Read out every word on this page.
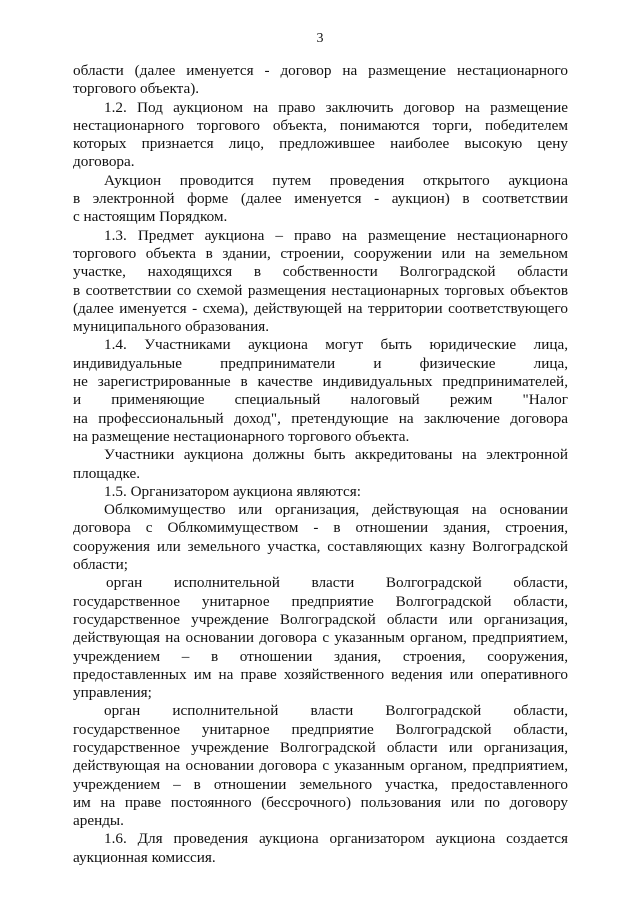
3
области (далее именуется - договор на размещение нестационарного
торгового объекта).
1.2. Под аукционом на право заключить договор на размещение
нестационарного торгового объекта, понимаются торги, победителем
которых признается лицо, предложившее наиболее высокую цену
договора.
Аукцион проводится путем проведения открытого аукциона
в электронной форме (далее именуется - аукцион) в соответствии
с настоящим Порядком.
1.3. Предмет аукциона – право на размещение нестационарного
торгового объекта в здании, строении, сооружении или на земельном
участке, находящихся в собственности Волгоградской области
в соответствии со схемой размещения нестационарных торговых объектов
(далее именуется - схема), действующей на территории соответствующего
муниципального образования.
1.4. Участниками аукциона могут быть юридические лица,
индивидуальные предприниматели и физические лица,
не зарегистрированные в качестве индивидуальных предпринимателей,
и применяющие специальный налоговый режим "Налог
на профессиональный доход", претендующие на заключение договора
на размещение нестационарного торгового объекта.
Участники аукциона должны быть аккредитованы на электронной
площадке.
1.5. Организатором аукциона являются:
Облкомимущество или организация, действующая на основании
договора с Облкомимуществом - в отношении здания, строения,
сооружения или земельного участка, составляющих казну Волгоградской
области;
орган исполнительной власти Волгоградской области,
государственное унитарное предприятие Волгоградской области,
государственное учреждение Волгоградской области или организация,
действующая на основании договора с указанным органом, предприятием,
учреждением – в отношении здания, строения, сооружения,
предоставленных им на праве хозяйственного ведения или оперативного
управления;
орган исполнительной власти Волгоградской области,
государственное унитарное предприятие Волгоградской области,
государственное учреждение Волгоградской области или организация,
действующая на основании договора с указанным органом, предприятием,
учреждением – в отношении земельного участка, предоставленного
им на праве постоянного (бессрочного) пользования или по договору
аренды.
1.6. Для проведения аукциона организатором аукциона создается
аукционная комиссия.
